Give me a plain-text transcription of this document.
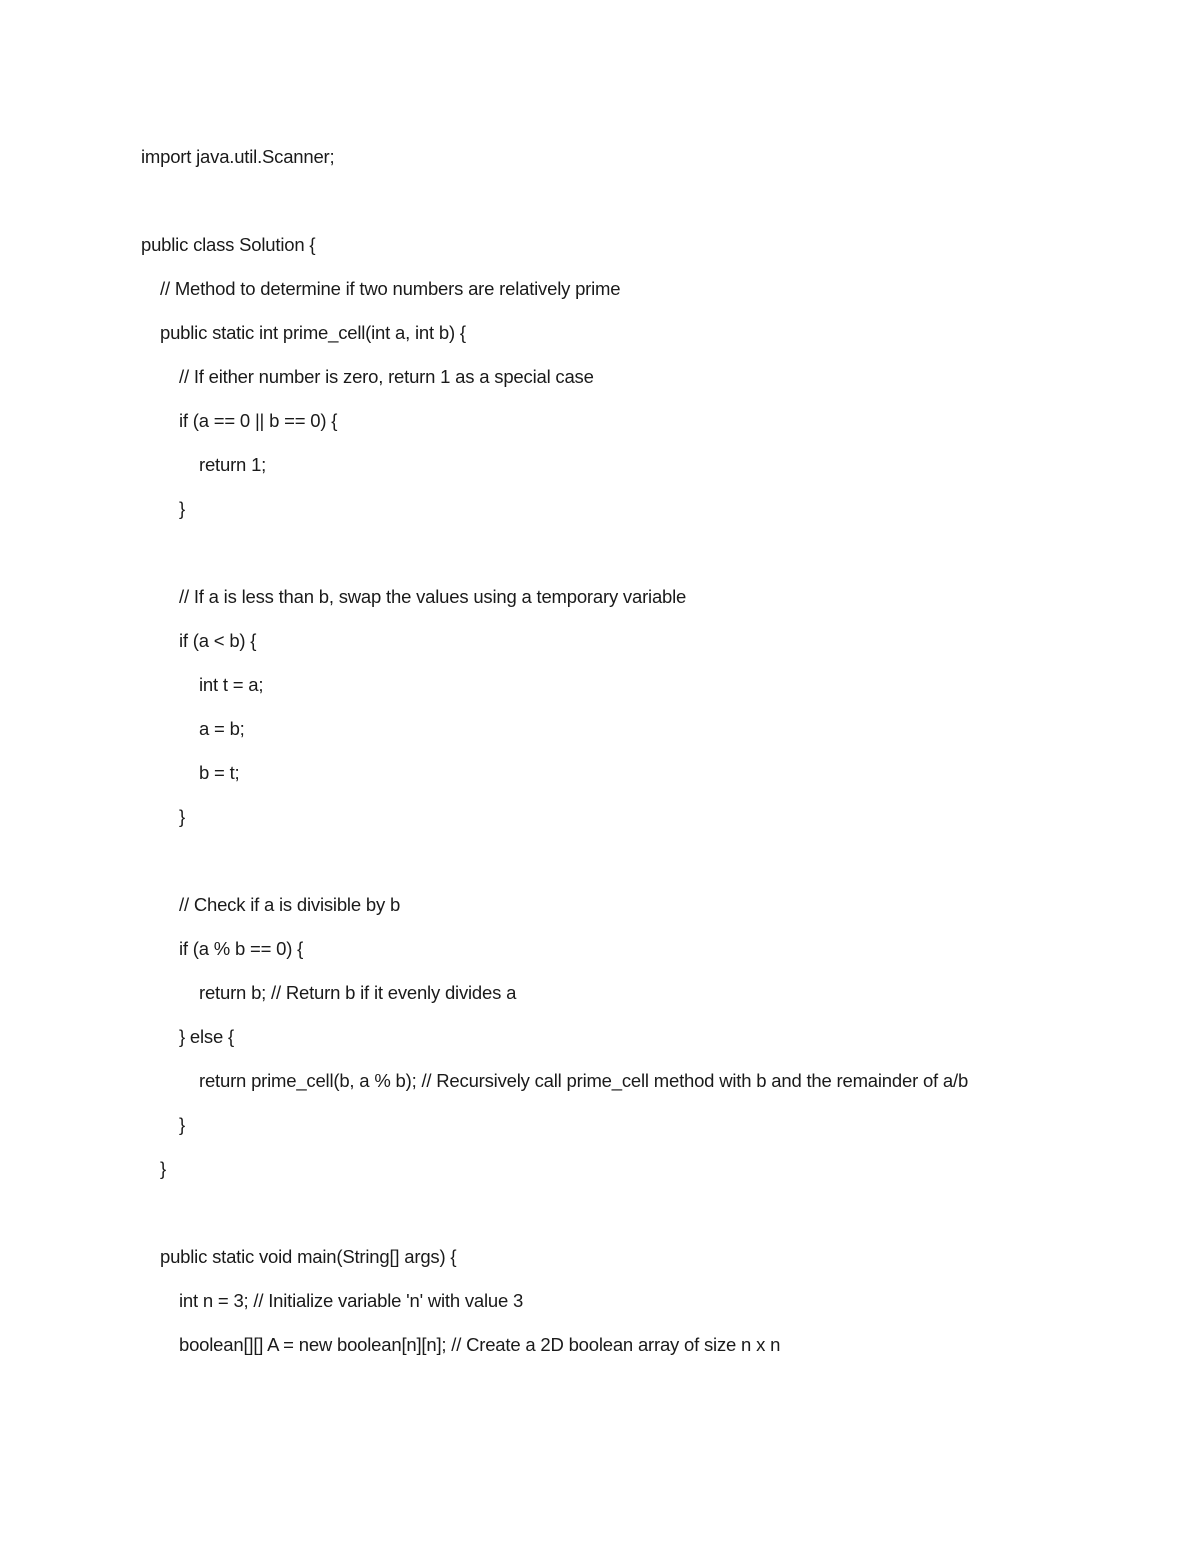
import java.util.Scanner;
public class Solution {
// Method to determine if two numbers are relatively prime
public static int prime_cell(int a, int b) {
// If either number is zero, return 1 as a special case
if (a == 0 || b == 0) {
return 1;
}
// If a is less than b, swap the values using a temporary variable
if (a < b) {
int t = a;
a = b;
b = t;
}
// Check if a is divisible by b
if (a % b == 0) {
return b; // Return b if it evenly divides a
} else {
return prime_cell(b, a % b); // Recursively call prime_cell method with b and the remainder of a/b
}
}
public static void main(String[] args) {
int n = 3; // Initialize variable 'n' with value 3
boolean[][] A = new boolean[n][n]; // Create a 2D boolean array of size n x n
